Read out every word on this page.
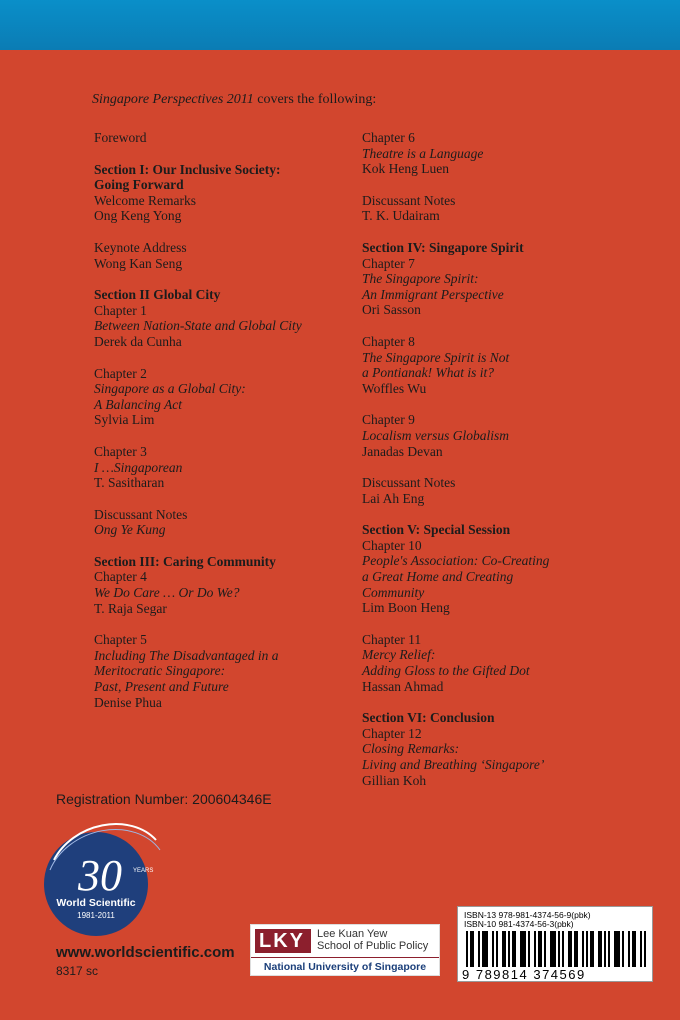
Singapore Perspectives 2011 covers the following:
Foreword
Section I: Our Inclusive Society:
Going Forward
Welcome Remarks
Ong Keng Yong
Keynote Address
Wong Kan Seng
Section II Global City
Chapter 1
Between Nation-State and Global City
Derek da Cunha
Chapter 2
Singapore as a Global City:
A Balancing Act
Sylvia Lim
Chapter 3
I …Singaporean
T. Sasitharan
Discussant Notes
Ong Ye Kung
Section III: Caring Community
Chapter 4
We Do Care … Or Do We?
T. Raja Segar
Chapter 5
Including The Disadvantaged in a
Meritocratic Singapore:
Past, Present and Future
Denise Phua
Chapter 6
Theatre is a Language
Kok Heng Luen
Discussant Notes
T. K. Udairam
Section IV: Singapore Spirit
Chapter 7
The Singapore Spirit:
An Immigrant Perspective
Ori Sasson
Chapter 8
The Singapore Spirit is Not
a Pontianak! What is it?
Woffles Wu
Chapter 9
Localism versus Globalism
Janadas Devan
Discussant Notes
Lai Ah Eng
Section V: Special Session
Chapter 10
People's Association: Co-Creating
a Great Home and Creating
Community
Lim Boon Heng
Chapter 11
Mercy Relief:
Adding Gloss to the Gifted Dot
Hassan Ahmad
Section VI: Conclusion
Chapter 12
Closing Remarks:
Living and Breathing ‘Singapore’
Gillian Koh
Registration Number: 200604346E
30 YEARS
World Scientific
1981-2011
www.worldscientific.com
8317 sc
LKY Lee Kuan Yew
School of Public Policy
National University of Singapore
ISBN-13 978-981-4374-56-9(pbk)
ISBN-10 981-4374-56-3(pbk)
9 789814 374569
